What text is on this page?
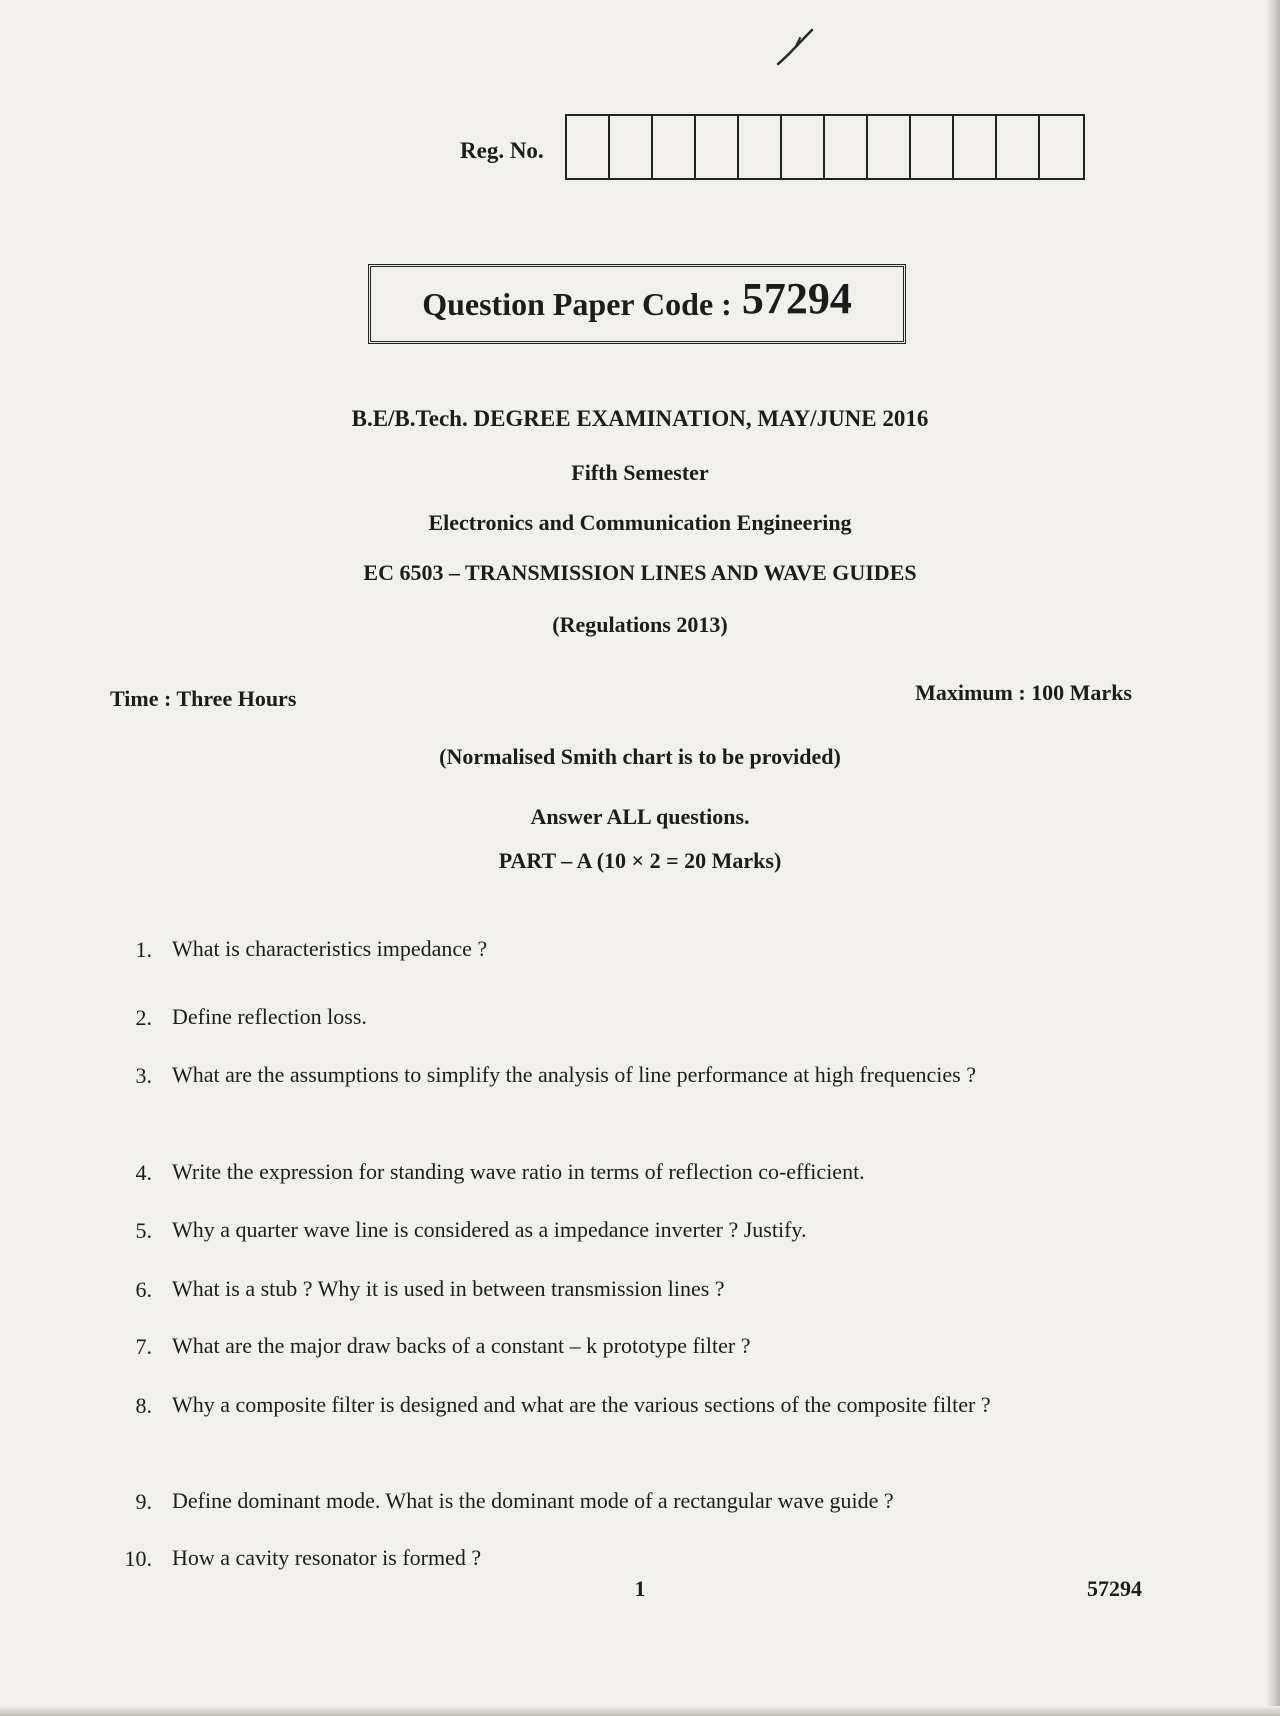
Reg. No.
Question Paper Code : 57294
B.E/B.Tech. DEGREE EXAMINATION, MAY/JUNE 2016
Fifth Semester
Electronics and Communication Engineering
EC 6503 – TRANSMISSION LINES AND WAVE GUIDES
(Regulations 2013)
Time : Three Hours	Maximum : 100 Marks
(Normalised Smith chart is to be provided)
Answer ALL questions.
PART – A (10 × 2 = 20 Marks)
1. What is characteristics impedance ?
2. Define reflection loss.
3. What are the assumptions to simplify the analysis of line performance at high frequencies ?
4. Write the expression for standing wave ratio in terms of reflection co-efficient.
5. Why a quarter wave line is considered as a impedance inverter ? Justify.
6. What is a stub ? Why it is used in between transmission lines ?
7. What are the major draw backs of a constant – k prototype filter ?
8. Why a composite filter is designed and what are the various sections of the composite filter ?
9. Define dominant mode. What is the dominant mode of a rectangular wave guide ?
10. How a cavity resonator is formed ?
1	57294
